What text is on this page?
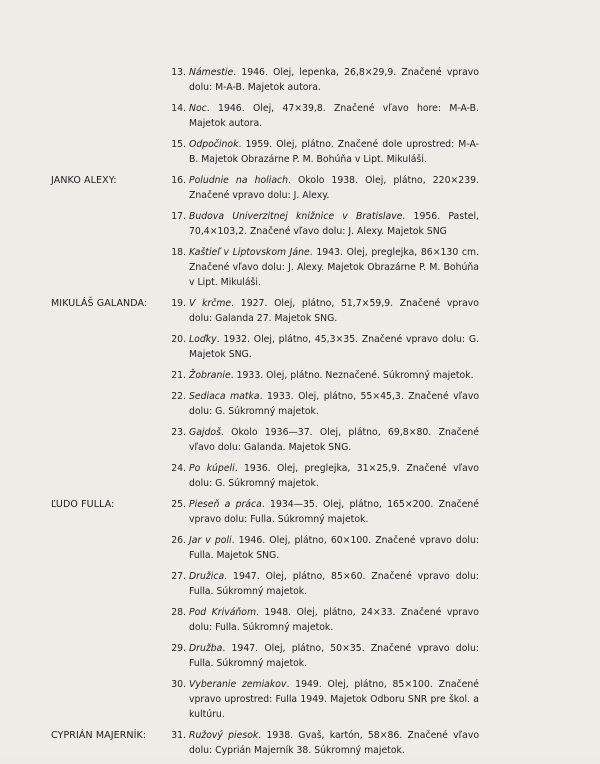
13. Námestie. 1946. Olej, lepenka, 26,8×29,9. Značené vpravo dolu: M-A-B. Majetok autora.
14. Noc. 1946. Olej, 47×39,8. Značené vľavo hore: M-A-B. Majetok autora.
15. Odpočinok. 1959. Olej, plátno. Značené dole uprostred: M-A-B. Majetok Obrazárne P. M. Bohúňa v Lipt. Mikuláši.
JANKO ALEXY:	16. Poludnie na holiach. Okolo 1938. Olej, plátno, 220×239. Značené vpravo dolu: J. Alexy.
17. Budova Univerzitnej knižnice v Bratislave. 1956. Pastel, 70,4×103,2. Značené vľavo dolu: J. Alexy. Majetok SNG
18. Kaštieľ v Liptovskom Jáne. 1943. Olej, preglejka, 86×130 cm. Značené vľavo dolu: J. Alexy. Majetok Obrazárne P. M. Bohúňa v Lipt. Mikuláši.
MIKULÁŠ GALANDA:	19. V krčme. 1927. Olej, plátno, 51,7×59,9. Značené vpravo dolu: Galanda 27. Majetok SNG.
20. Loďky. 1932. Olej, plátno, 45,3×35. Značené vpravo dolu: G. Majetok SNG.
21. Žobranie. 1933. Olej, plátno. Neznačené. Súkromný majetok.
22. Sediaca matka. 1933. Olej, plátno, 55×45,3. Značené vľavo dolu: G. Súkromný majetok.
23. Gajdoš. Okolo 1936—37. Olej, plátno, 69,8×80. Značené vľavo dolu: Galanda. Majetok SNG.
24. Po kúpeli. 1936. Olej, preglejka, 31×25,9. Značené vľavo dolu: G. Súkromný majetok.
ĽUDO FULLA:	25. Pieseň a práca. 1934—35. Olej, plátno, 165×200. Značené vpravo dolu: Fulla. Súkromný majetok.
26. Jar v poli. 1946. Olej, plátno, 60×100. Značené vpravo dolu: Fulla. Majetok SNG.
27. Družica. 1947. Olej, plátno, 85×60. Značené vpravo dolu: Fulla. Súkromný majetok.
28. Pod Kriváňom. 1948. Olej, plátno, 24×33. Značené vpravo dolu: Fulla. Súkromný majetok.
29. Družba. 1947. Olej, plátno, 50×35. Značené vpravo dolu: Fulla. Súkromný majetok.
30. Vyberanie zemiakov. 1949. Olej, plátno, 85×100. Značené vpravo uprostred: Fulla 1949. Majetok Odboru SNR pre škol. a kultúru.
CYPRIÁN MAJERNÍK:	31. Ružový piesok. 1938. Gvaš, kartón, 58×86. Značené vľavo dolu: Cyprián Majerník 38. Súkromný majetok.
